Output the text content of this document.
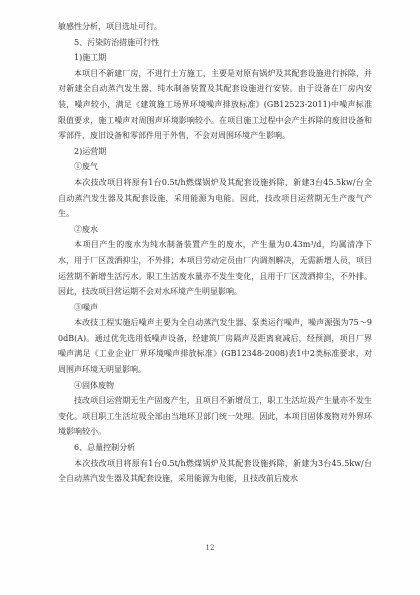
敏感性分析，项目选址可行。

5、污染防治措施可行性

1)施工期

本项目不新建厂房，不进行土方施工，主要是对原有锅炉及其配套设施进行拆除，并对新建全自动蒸汽发生器、纯水制备装置及其配套设施进行安装。由于设备在厂房内安装，噪声较小，满足《建筑施工场界环境噪声排放标准》(GB12523-2011)中噪声标准限值要求，施工噪声对周围声环境影响较小。在项目施工过程中会产生拆除的废旧设备和零部件，废旧设备和零部件用于外售，不会对周围环境产生影响。

2)运营期

①废气

本次技改项目将原有1台0.5t/h燃煤锅炉及其配套设施拆除，新建3台45.5kw/台全自动蒸汽发生器及其配套设施，采用能源为电能。因此，技改项目运营期无生产废气产生。

②废水

本项目产生的废水为纯水制备装置产生的废水，产生量为0.43m³/d，均属清净下水，用于厂区泼洒抑尘，不外排；本项目劳动定员由厂内调剂解决，无需新增人员，项目运营期不新增生活污水。职工生活废水量亦不发生变化，且用于厂区泼洒抑尘，不外排。因此，技改项目营运期不会对水环境产生明显影响。

③噪声

本改技工程实施后噪声主要为全自动蒸汽发生器、泵类运行噪声，噪声源强为75～90dB(A)。通过优先选用低噪声设备，经建筑厂房隔声及距离衰减后，经预测，项目厂界噪声满足《工业企业厂界环境噪声排放标准》(GB12348-2008)表1中2类标准要求，对周围声环境无明显影响。

④固体废物

技改项目运营期无生产固废产生，且项目不新增员工，职工生活垃圾产生量亦不发生变化。项目职工生活垃圾全部由当地环卫部门统一处理。因此，本项目固体废物对外界环境影响较小。

6、总量控制分析

本次技改项目将原有1台0.5t/h燃煤锅炉及其配套设施拆除，新建为3台45.5kw/台全自动蒸汽发生器及其配套设施，采用能源为电能，且技改前后废水

12
